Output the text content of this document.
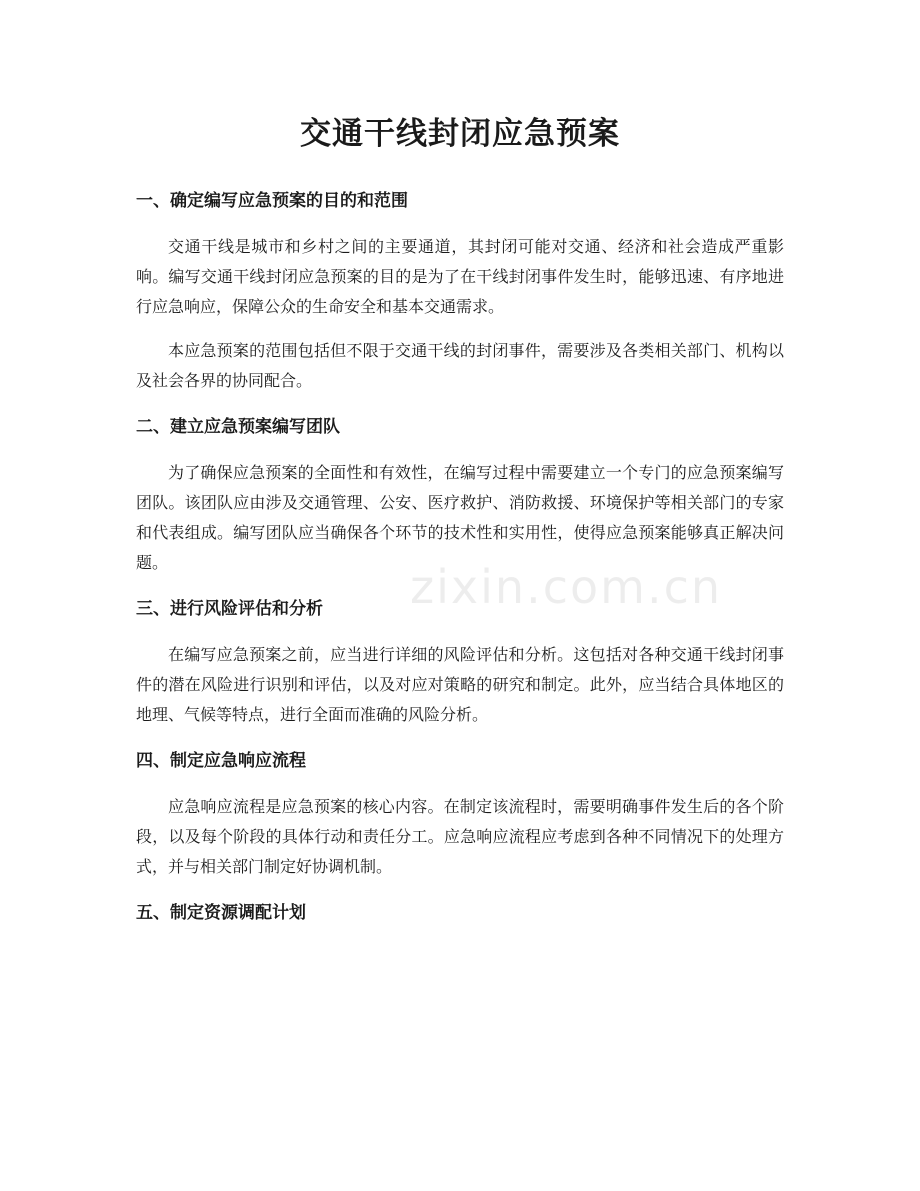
交通干线封闭应急预案
一、确定编写应急预案的目的和范围
交通干线是城市和乡村之间的主要通道，其封闭可能对交通、经济和社会造成严重影响。编写交通干线封闭应急预案的目的是为了在干线封闭事件发生时，能够迅速、有序地进行应急响应，保障公众的生命安全和基本交通需求。
本应急预案的范围包括但不限于交通干线的封闭事件，需要涉及各类相关部门、机构以及社会各界的协同配合。
二、建立应急预案编写团队
为了确保应急预案的全面性和有效性，在编写过程中需要建立一个专门的应急预案编写团队。该团队应由涉及交通管理、公安、医疗救护、消防救援、环境保护等相关部门的专家和代表组成。编写团队应当确保各个环节的技术性和实用性，使得应急预案能够真正解决问题。
三、进行风险评估和分析
在编写应急预案之前，应当进行详细的风险评估和分析。这包括对各种交通干线封闭事件的潜在风险进行识别和评估，以及对应对策略的研究和制定。此外，应当结合具体地区的地理、气候等特点，进行全面而准确的风险分析。
四、制定应急响应流程
应急响应流程是应急预案的核心内容。在制定该流程时，需要明确事件发生后的各个阶段，以及每个阶段的具体行动和责任分工。应急响应流程应考虑到各种不同情况下的处理方式，并与相关部门制定好协调机制。
五、制定资源调配计划
zixin.com.cn
